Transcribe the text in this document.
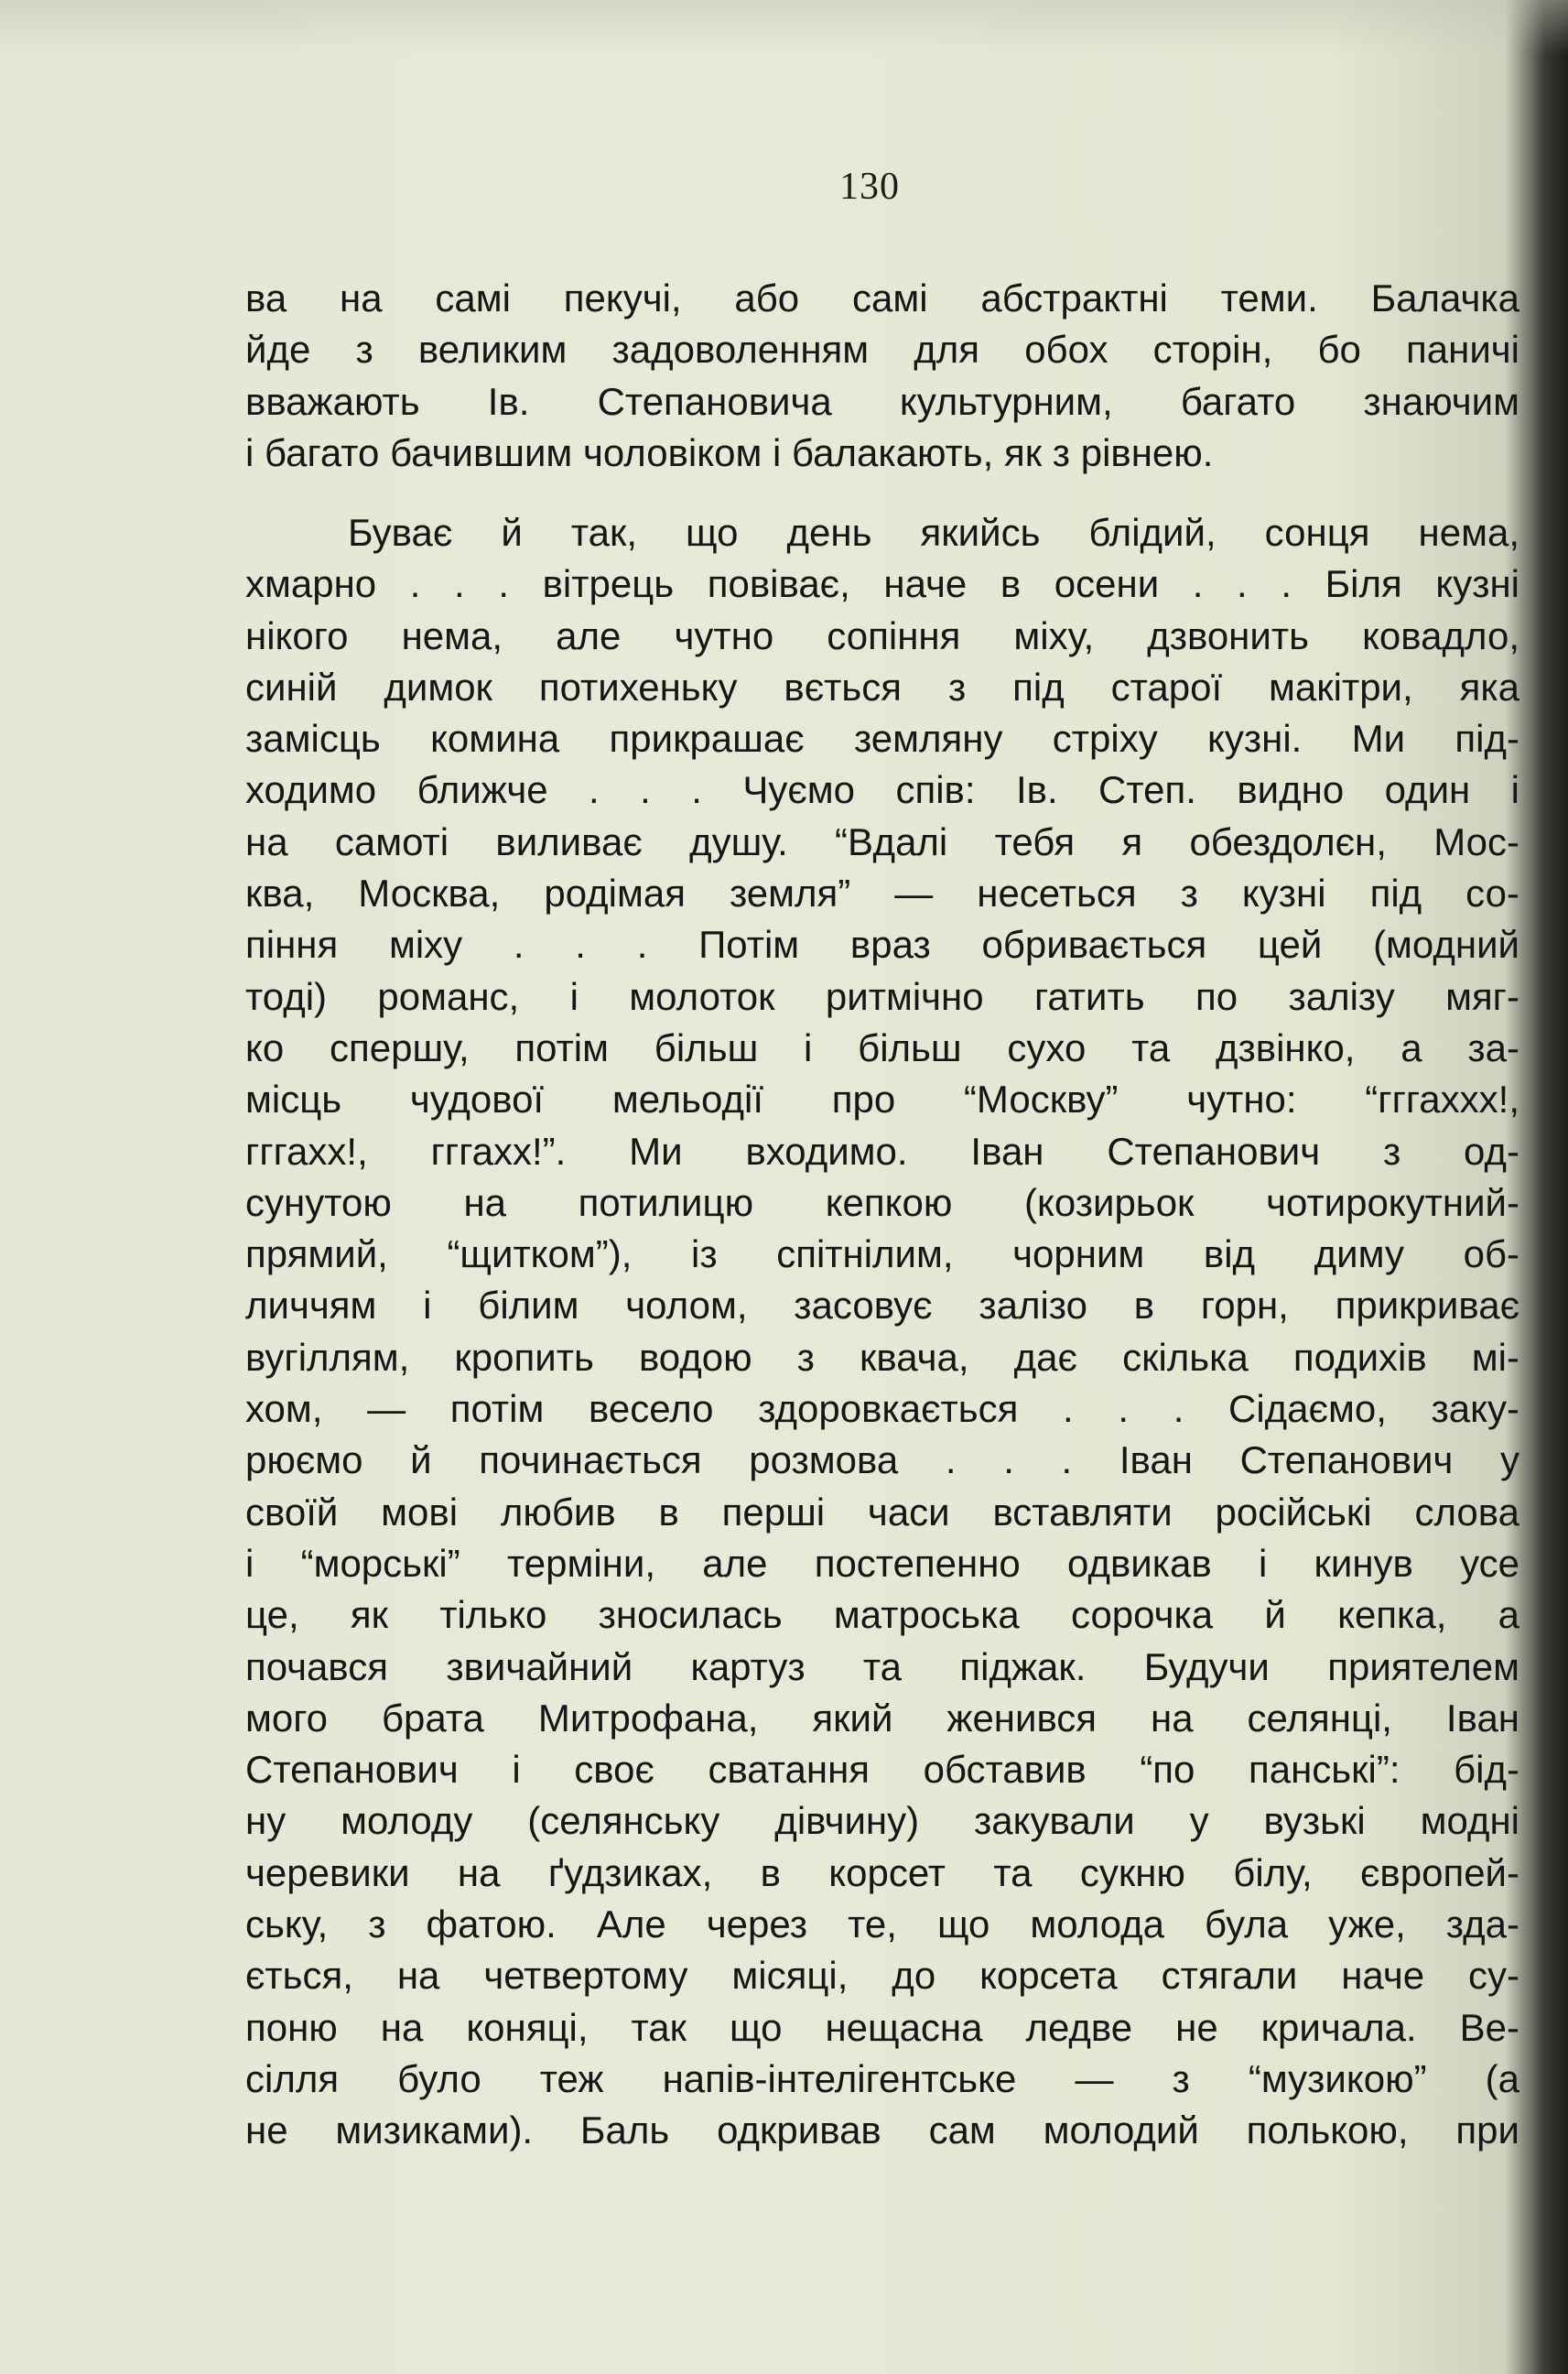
130
ва на самі пекучі, або самі абстрактні теми. Балачка
йде з великим задоволенням для обох сторін, бо паничі
вважають Ів. Степановича культурним, багато знаючим
і багато бачившим чоловіком і балакають, як з рівнею.
Буває й так, що день якийсь блідий, сонця нема,
хмарно . . . вітрець повіває, наче в осени . . . Біля кузні
нікого нема, але чутно сопіння міху, дзвонить ковадло,
синій димок потихеньку вється з під старої макітри, яка
замісць комина прикрашає земляну стріху кузні. Ми під-
ходимо ближче . . . Чуємо спів: Ів. Степ. видно один і
на самоті виливає душу. “Вдалі тебя я обездолєн, Мос-
ква, Москва, родімая земля” — несеться з кузні під со-
піння міху . . . Потім враз обривається цей (модний
тоді) романс, і молоток ритмічно гатить по залізу мяг-
ко спершу, потім більш і більш сухо та дзвінко, а за-
місць чудової мельодії про “Москву” чутно: “гггаххх!,
гггахх!, гггахх!”. Ми входимо. Іван Степанович з од-
сунутою на потилицю кепкою (козирьок чотирокутний-
прямий, “щитком”), із спітнілим, чорним від диму об-
личчям і білим чолом, засовує залізо в горн, прикриває
вугіллям, кропить водою з квача, дає скілька подихів мі-
хом, — потім весело здоровкається . . . Сідаємо, заку-
рюємо й починається розмова . . . Іван Степанович у
своїй мові любив в перші часи вставляти російські слова
і “морські” терміни, але постепенно одвикав і кинув усе
це, як тілько зносилась матроська сорочка й кепка, а
почався звичайний картуз та піджак. Будучи приятелем
мого брата Митрофана, який женився на селянці, Іван
Степанович і своє сватання обставив “по панські”: бід-
ну молоду (селянську дівчину) закували у вузькі модні
черевики на ґудзиках, в корсет та сукню білу, європей-
ську, з фатою. Але через те, що молода була уже, зда-
ється, на четвертому місяці, до корсета стягали наче су-
поню на коняці, так що нещасна ледве не кричала. Ве-
сілля було теж напів-інтелігентське — з “музикою” (а
не мизиками). Баль одкривав сам молодий полькою, при
